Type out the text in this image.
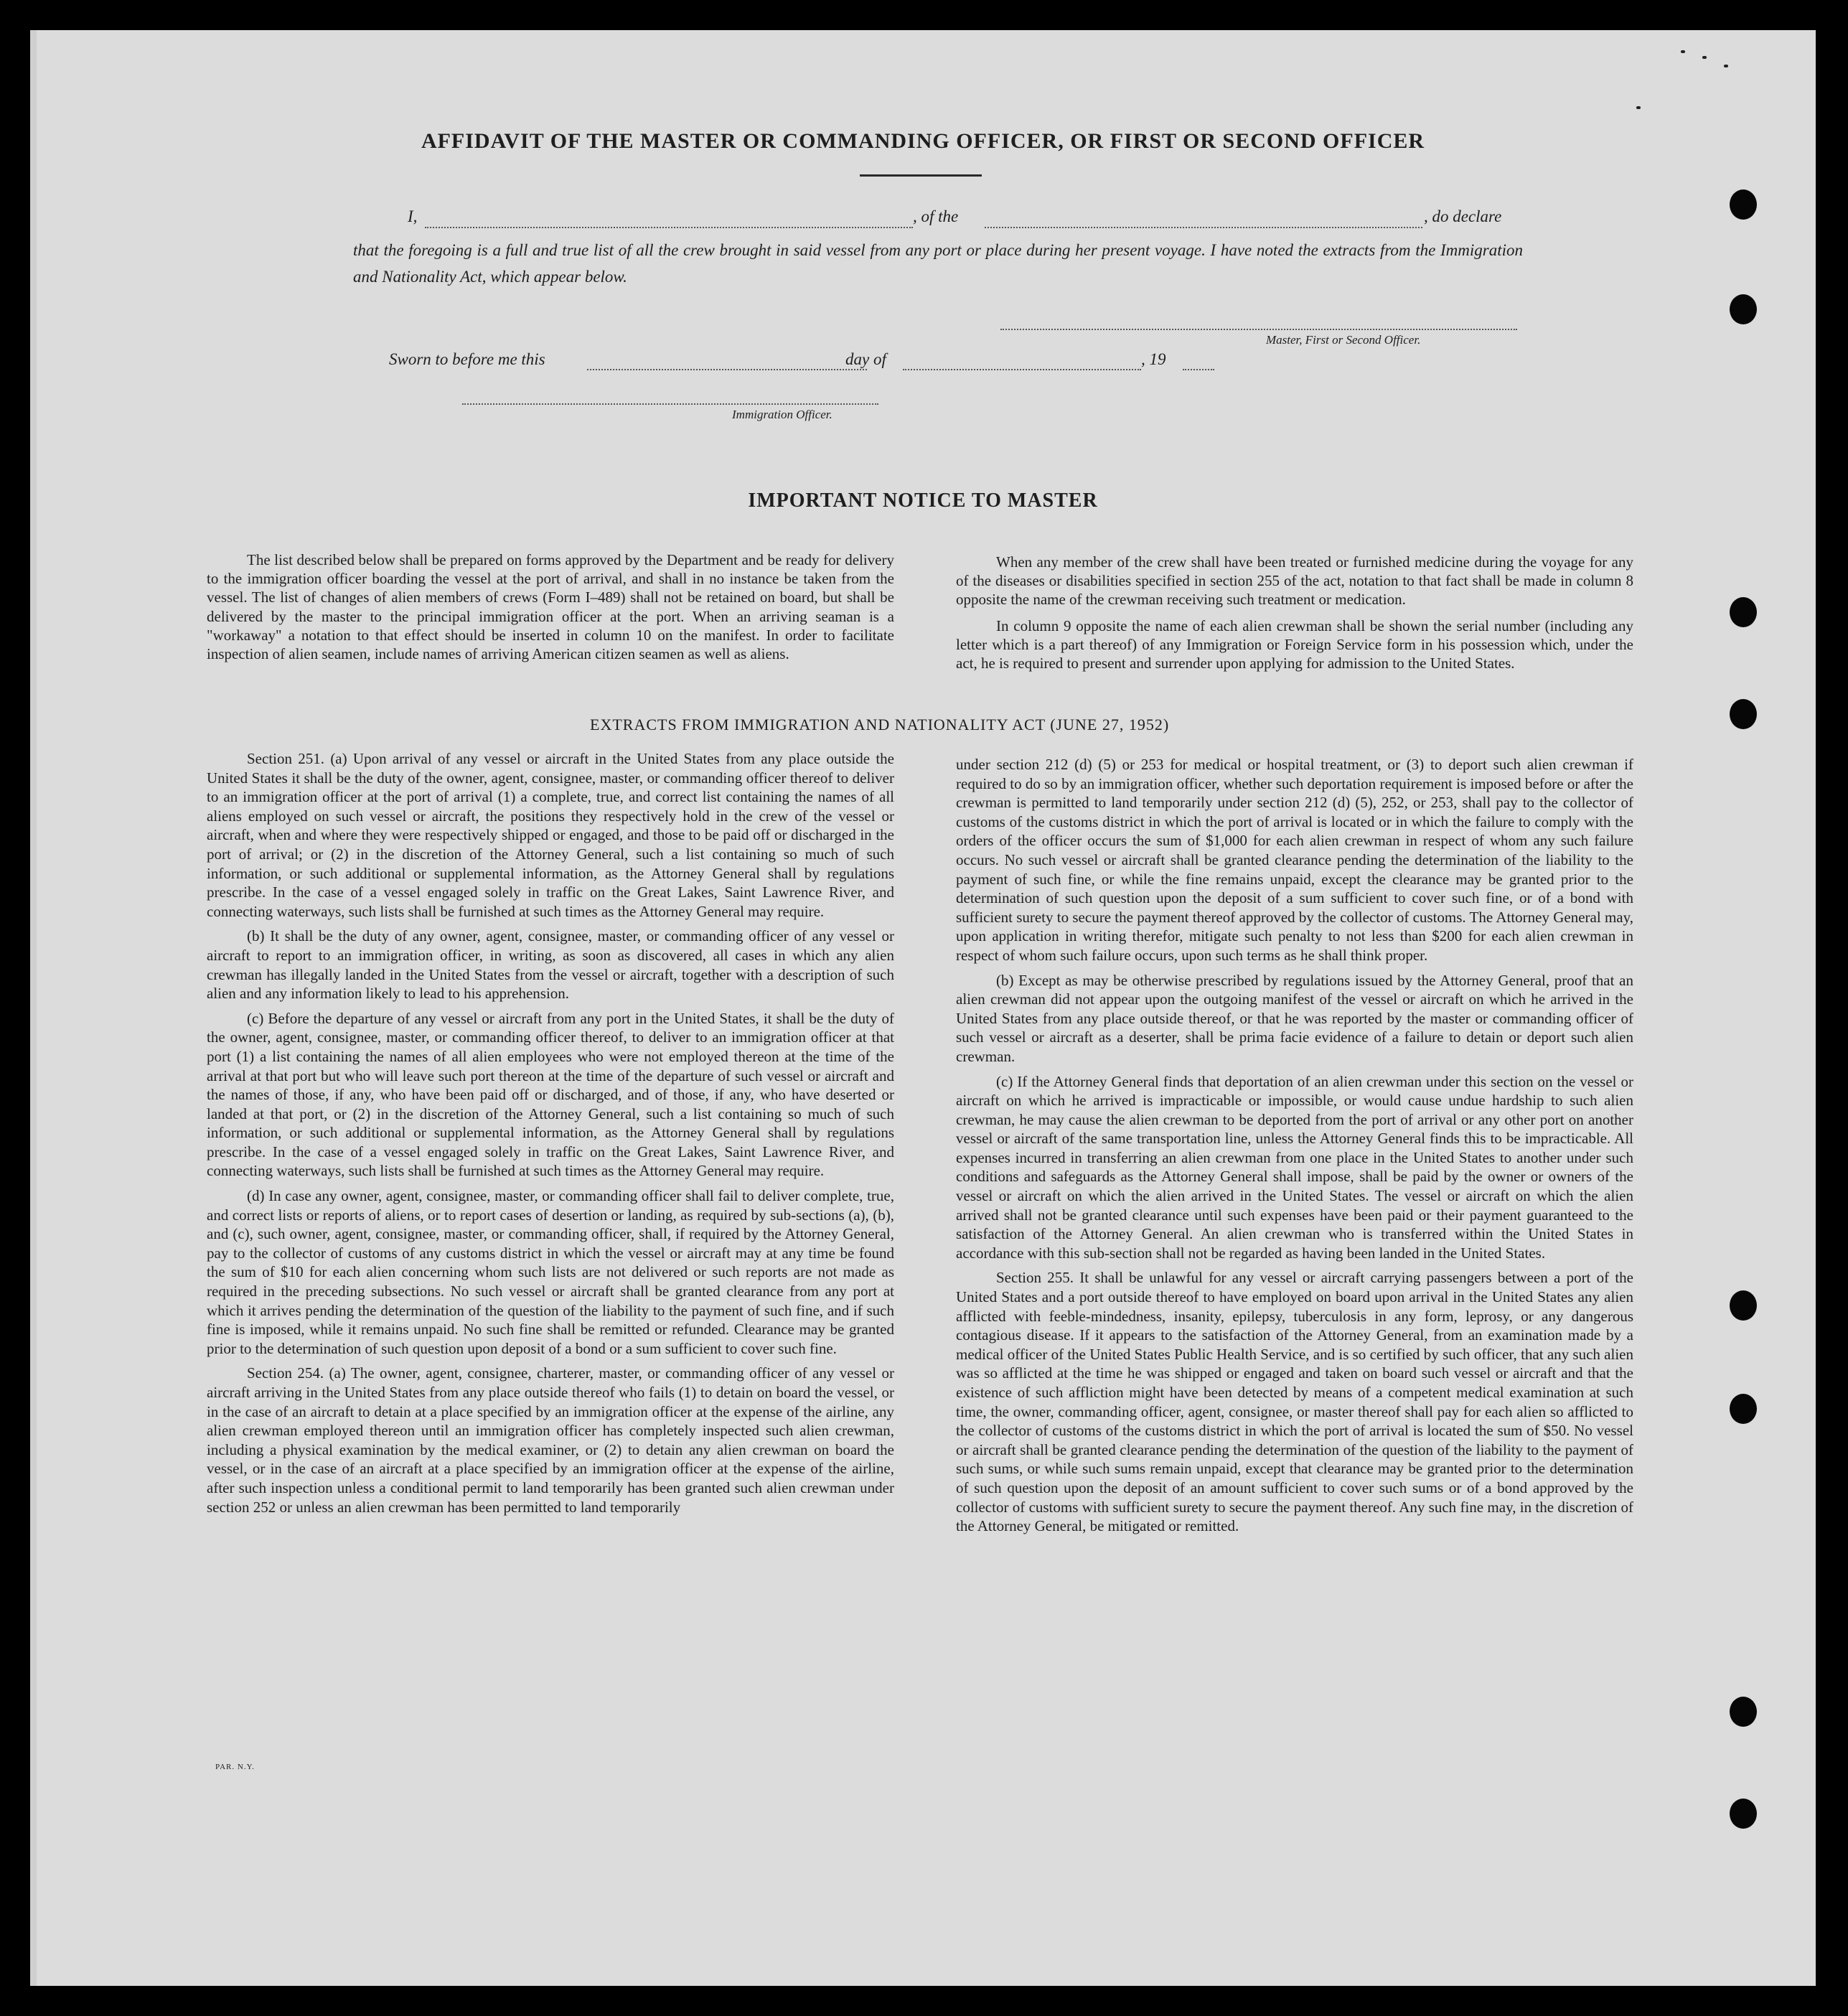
AFFIDAVIT OF THE MASTER OR COMMANDING OFFICER, OR FIRST OR SECOND OFFICER
I,	, of the	, do declare
that the foregoing is a full and true list of all the crew brought in said vessel from any port or place during her present voyage. I have noted the extracts from the Immigration and Nationality Act, which appear below.
Master, First or Second Officer.
Sworn to before me this	day of	, 19
Immigration Officer.
IMPORTANT NOTICE TO MASTER

The list described below shall be prepared on forms approved by the Department and be ready for delivery to the immigration officer boarding the vessel at the port of arrival, and shall in no instance be taken from the vessel. The list of changes of alien members of crews (Form I–489) shall not be retained on board, but shall be delivered by the master to the principal immigration officer at the port. When an arriving seaman is a "workaway" a notation to that effect should be inserted in column 10 on the manifest. In order to facilitate inspection of alien seamen, include names of arriving American citizen seamen as well as aliens.

When any member of the crew shall have been treated or furnished medicine during the voyage for any of the diseases or disabilities specified in section 255 of the act, notation to that fact shall be made in column 8 opposite the name of the crewman receiving such treatment or medication.

In column 9 opposite the name of each alien crewman shall be shown the serial number (including any letter which is a part thereof) of any Immigration or Foreign Service form in his possession which, under the act, he is required to present and surrender upon applying for admission to the United States.

EXTRACTS FROM IMMIGRATION AND NATIONALITY ACT (JUNE 27, 1952)

Section 251. (a) Upon arrival of any vessel or aircraft in the United States from any place outside the United States it shall be the duty of the owner, agent, consignee, master, or commanding officer thereof to deliver to an immigration officer at the port of arrival (1) a complete, true, and correct list containing the names of all aliens employed on such vessel or aircraft, the positions they respectively hold in the crew of the vessel or aircraft, when and where they were respectively shipped or engaged, and those to be paid off or discharged in the port of arrival; or (2) in the discretion of the Attorney General, such a list containing so much of such information, or such additional or supplemental information, as the Attorney General shall by regulations prescribe. In the case of a vessel engaged solely in traffic on the Great Lakes, Saint Lawrence River, and connecting waterways, such lists shall be furnished at such times as the Attorney General may require.

(b) It shall be the duty of any owner, agent, consignee, master, or commanding officer of any vessel or aircraft to report to an immigration officer, in writing, as soon as discovered, all cases in which any alien crewman has illegally landed in the United States from the vessel or aircraft, together with a description of such alien and any information likely to lead to his apprehension.

(c) Before the departure of any vessel or aircraft from any port in the United States, it shall be the duty of the owner, agent, consignee, master, or commanding officer thereof, to deliver to an immigration officer at that port (1) a list containing the names of all alien employees who were not employed thereon at the time of the arrival at that port but who will leave such port thereon at the time of the departure of such vessel or aircraft and the names of those, if any, who have been paid off or discharged, and of those, if any, who have deserted or landed at that port, or (2) in the discretion of the Attorney General, such a list containing so much of such information, or such additional or supplemental information, as the Attorney General shall by regulations prescribe. In the case of a vessel engaged solely in traffic on the Great Lakes, Saint Lawrence River, and connecting waterways, such lists shall be furnished at such times as the Attorney General may require.

(d) In case any owner, agent, consignee, master, or commanding officer shall fail to deliver complete, true, and correct lists or reports of aliens, or to report cases of desertion or landing, as required by sub-sections (a), (b), and (c), such owner, agent, consignee, master, or commanding officer, shall, if required by the Attorney General, pay to the collector of customs of any customs district in which the vessel or aircraft may at any time be found the sum of $10 for each alien concerning whom such lists are not delivered or such reports are not made as required in the preceding subsections. No such vessel or aircraft shall be granted clearance from any port at which it arrives pending the determination of the question of the liability to the payment of such fine, and if such fine is imposed, while it remains unpaid. No such fine shall be remitted or refunded. Clearance may be granted prior to the determination of such question upon deposit of a bond or a sum sufficient to cover such fine.

Section 254. (a) The owner, agent, consignee, charterer, master, or commanding officer of any vessel or aircraft arriving in the United States from any place outside thereof who fails (1) to detain on board the vessel, or in the case of an aircraft to detain at a place specified by an immigration officer at the expense of the airline, any alien crewman employed thereon until an immigration officer has completely inspected such alien crewman, including a physical examination by the medical examiner, or (2) to detain any alien crewman on board the vessel, or in the case of an aircraft at a place specified by an immigration officer at the expense of the airline, after such inspection unless a conditional permit to land temporarily has been granted such alien crewman under section 252 or unless an alien crewman has been permitted to land temporarily

under section 212 (d) (5) or 253 for medical or hospital treatment, or (3) to deport such alien crewman if required to do so by an immigration officer, whether such deportation requirement is imposed before or after the crewman is permitted to land temporarily under section 212 (d) (5), 252, or 253, shall pay to the collector of customs of the customs district in which the port of arrival is located or in which the failure to comply with the orders of the officer occurs the sum of $1,000 for each alien crewman in respect of whom any such failure occurs. No such vessel or aircraft shall be granted clearance pending the determination of the liability to the payment of such fine, or while the fine remains unpaid, except the clearance may be granted prior to the determination of such question upon the deposit of a sum sufficient to cover such fine, or of a bond with sufficient surety to secure the payment thereof approved by the collector of customs. The Attorney General may, upon application in writing therefor, mitigate such penalty to not less than $200 for each alien crewman in respect of whom such failure occurs, upon such terms as he shall think proper.

(b) Except as may be otherwise prescribed by regulations issued by the Attorney General, proof that an alien crewman did not appear upon the outgoing manifest of the vessel or aircraft on which he arrived in the United States from any place outside thereof, or that he was reported by the master or commanding officer of such vessel or aircraft as a deserter, shall be prima facie evidence of a failure to detain or deport such alien crewman.

(c) If the Attorney General finds that deportation of an alien crewman under this section on the vessel or aircraft on which he arrived is impracticable or impossible, or would cause undue hardship to such alien crewman, he may cause the alien crewman to be deported from the port of arrival or any other port on another vessel or aircraft of the same transportation line, unless the Attorney General finds this to be impracticable. All expenses incurred in transferring an alien crewman from one place in the United States to another under such conditions and safeguards as the Attorney General shall impose, shall be paid by the owner or owners of the vessel or aircraft on which the alien arrived in the United States. The vessel or aircraft on which the alien arrived shall not be granted clearance until such expenses have been paid or their payment guaranteed to the satisfaction of the Attorney General. An alien crewman who is transferred within the United States in accordance with this sub-section shall not be regarded as having been landed in the United States.

Section 255. It shall be unlawful for any vessel or aircraft carrying passengers between a port of the United States and a port outside thereof to have employed on board upon arrival in the United States any alien afflicted with feeble-mindedness, insanity, epilepsy, tuberculosis in any form, leprosy, or any dangerous contagious disease. If it appears to the satisfaction of the Attorney General, from an examination made by a medical officer of the United States Public Health Service, and is so certified by such officer, that any such alien was so afflicted at the time he was shipped or engaged and taken on board such vessel or aircraft and that the existence of such affliction might have been detected by means of a competent medical examination at such time, the owner, commanding officer, agent, consignee, or master thereof shall pay for each alien so afflicted to the collector of customs of the customs district in which the port of arrival is located the sum of $50. No vessel or aircraft shall be granted clearance pending the determination of the question of the liability to the payment of such sums, or while such sums remain unpaid, except that clearance may be granted prior to the determination of such question upon the deposit of an amount sufficient to cover such sums or of a bond approved by the collector of customs with sufficient surety to secure the payment thereof. Any such fine may, in the discretion of the Attorney General, be mitigated or remitted.

PAR. N.Y.
